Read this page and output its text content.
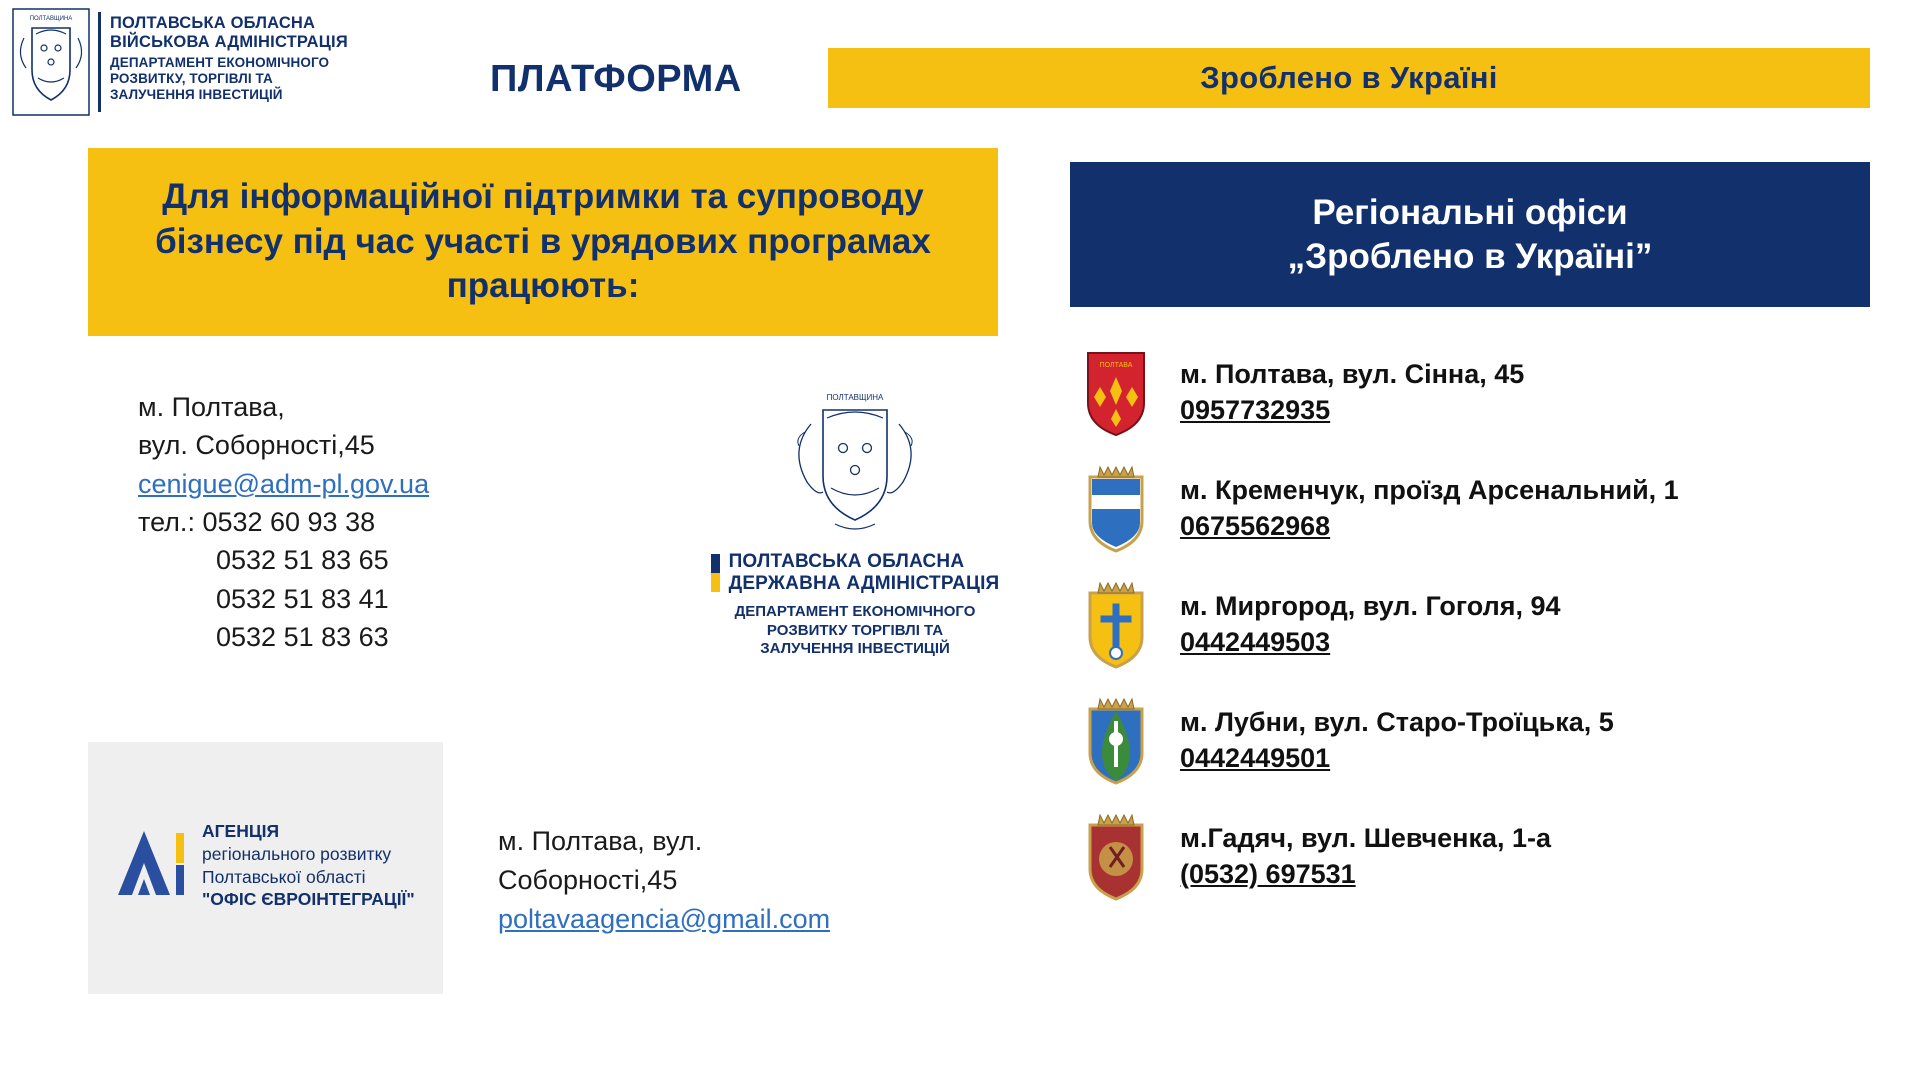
ПОЛТАВЩИНА ПОЛТАВСЬКА ОБЛАСНА
ВІЙСЬКОВА АДМІНІСТРАЦІЯ
ДЕПАРТАМЕНТ ЕКОНОМІЧНОГО
РОЗВИТКУ, ТОРГІВЛІ ТА
ЗАЛУЧЕННЯ ІНВЕСТИЦІЙ	ПЛАТФОРМА	Зроблено в Україні

Для інформаційної підтримки та супроводу бізнесу під час участі в урядових програмах працюють:

м. Полтава,
вул. Соборності,45
cenigue@adm-pl.gov.ua
тел.: 0532 60 93 38
0532 51 83 65
0532 51 83 41
0532 51 83 63
ПОЛТАВЩИНА
ПОЛТАВСЬКА ОБЛАСНА
ДЕРЖАВНА АДМІНІСТРАЦІЯ
ДЕПАРТАМЕНТ ЕКОНОМІЧНОГО
РОЗВИТКУ ТОРГІВЛІ ТА
ЗАЛУЧЕННЯ ІНВЕСТИЦІЙ
АГЕНЦІЯ
регіонального розвитку
Полтавської області
"ОФІС ЄВРОІНТЕГРАЦІЇ"
м. Полтава, вул.
Соборності,45
poltavaagencia@gmail.com

Регіональні офіси
„Зроблено в Україні”

ПОЛТАВА м. Полтава, вул. Сінна, 45
0957732935
м. Кременчук, проїзд Арсенальний, 1
0675562968
м. Миргород, вул. Гоголя, 94
0442449503
м. Лубни, вул. Старо-Троїцька, 5
0442449501
м.Гадяч, вул. Шевченка, 1-а
(0532) 697531
